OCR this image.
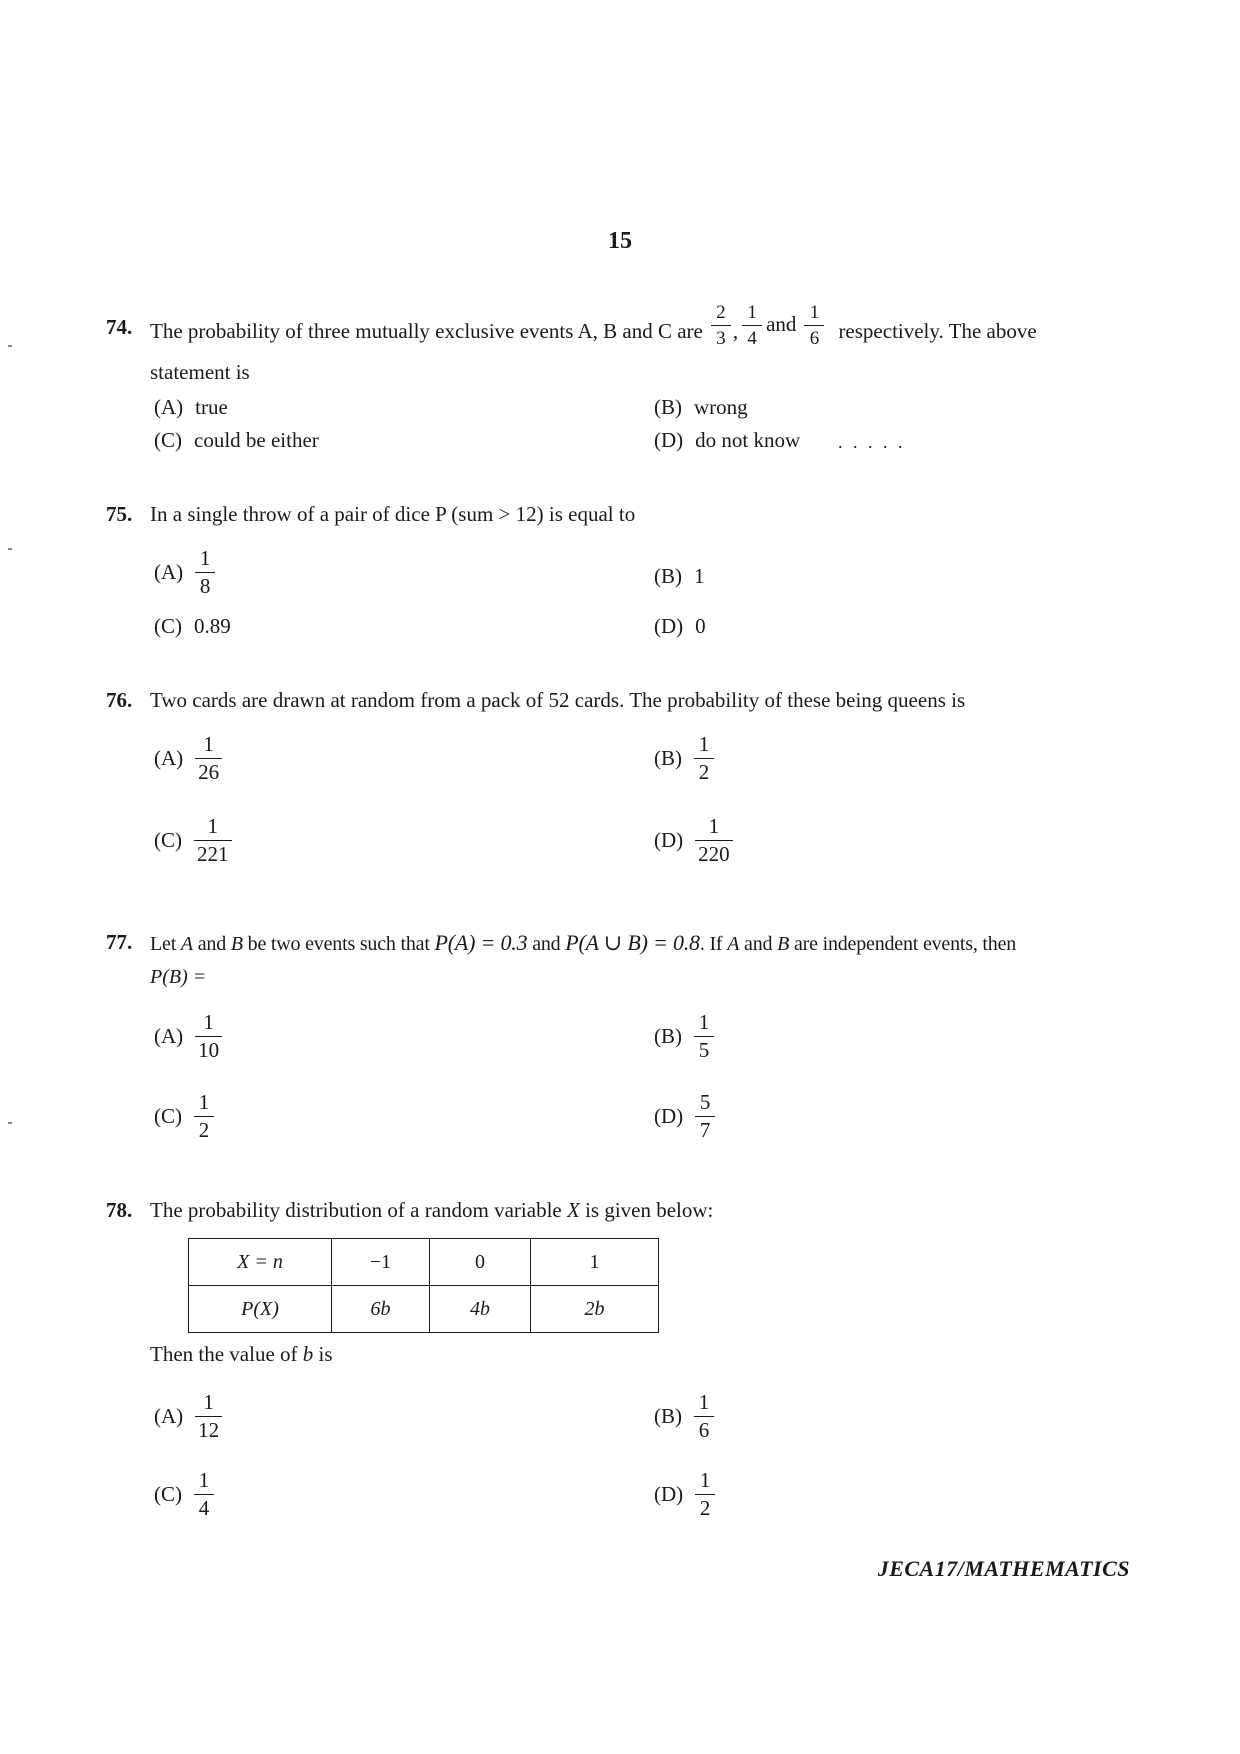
15
74. The probability of three mutually exclusive events A, B and C are $\frac{2}{3}$ , $\frac{1}{4}$ and $\frac{1}{6}$ respectively. The above
statement is
(A) true	(B) wrong
(C) could be either	(D) do not know . . . . .
75. In a single throw of a pair of dice P (sum > 12) is equal to
$(A) \frac{1}{8}$	(B) 1
(C) 0.89	(D) 0
76. Two cards are drawn at random from a pack of 52 cards. The probability of these being queens is
$(A) \frac{1}{26}$	$(B) \frac{1}{2}$
$(C) \frac{1}{221}$	$(D) \frac{1}{220}$
77. Let A and B be two events such that P(A) = 0.3 and P(A ∪ B) = 0.8. If A and B are independent events, then
P(B) =
$(A) \frac{1}{10}$	$(B) \frac{1}{5}$
$(C) \frac{1}{2}$	$(D) \frac{5}{7}$
78. The probability distribution of a random variable X is given below:
X = n	−1	0	1
P(X)	6b	4b	2b
Then the value of b is
$(A) \frac{1}{12}$	$(B) \frac{1}{6}$
$(C) \frac{1}{4}$	$(D) \frac{1}{2}$
JECA17/MATHEMATICS
